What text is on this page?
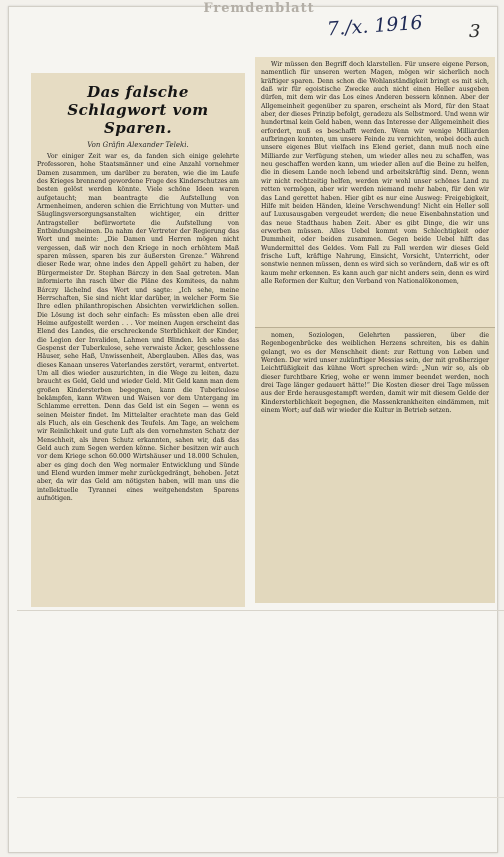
Fremdenblatt
7./x. 1916	3
Das falsche Schlagwort vom Sparen.
Von Gräfin Alexander Teleki.

Vor einiger Zeit war es, da fanden sich einige gelehrte Professoren, hohe Staatsmänner und eine Anzahl vornehmer Damen zusammen, um darüber zu beraten, wie die im Laufe des Krieges brennend gewordene Frage des Kinderschutzes am besten gelöst werden könnte. Viele schöne Ideen waren aufgetaucht; man beantragte die Aufstellung von Armenheimen, anderen schien die Errichtung von Mutter- und Säuglingsversorgungsanstalten wichtiger, ein dritter Antragsteller befürwortete die Aufstellung von Entbindungsheimen. Da nahm der Vertreter der Regierung das Wort und meinte: „Die Damen und Herren mögen nicht vergessen, daß wir noch den Kriege in noch erhöhtem Maß sparen müssen, sparen bis zur äußersten Grenze.“ Während dieser Rede war, ohne indes den Appell gehört zu haben, der Bürgermeister Dr. Stephan Bárczy in den Saal getreten. Man informierte ihn rasch über die Pläne des Komitees, da nahm Bárczy lächelnd das Wort und sagte: „Ich sehe, meine Herrschaften, Sie sind nicht klar darüber, in welcher Form Sie Ihre edlen philanthropischen Absichten verwirklichen sollen. Die Lösung ist doch sehr einfach: Es müssten eben alle drei Heime aufgestellt werden . . . Vor meinen Augen erscheint das Elend des Landes, die erschreckende Sterblichkeit der Kinder, die Legion der Invaliden, Lahmen und Blinden. Ich sehe das Gespenst der Tuberkulose, sehe verwaiste Äcker, geschlossene Häuser, sehe Haß, Unwissenheit, Aberglauben. Alles das, was dieses Kanaan unseres Vaterlandes zerstört, verarmt, entvertet. Um all dies wieder auszurichten, in die Wege zu leiten, dazu braucht es Geld, Geld und wieder Geld. Mit Geld kann man dem großen Kindersterben begegnen, kann die Tuberkulose bekämpfen, kann Witwen und Waisen vor dem Untergang im Schlamme erretten. Denn das Geld ist ein Segen — wenn es seinen Meister findet. Im Mittelalter erachtete man das Geld als Fluch, als ein Geschenk des Teufels. Am Tage, an welchem wir Reinlichkeit und gute Luft als den vornehmsten Schatz der Menschheit, als ihren Schutz erkannten, sahen wir, daß das Geld auch zum Segen werden könne. Sicher besitzen wir auch vor dem Kriege schon 60.000 Wirtshäuser und 18.000 Schulen, aber es ging doch den Weg normaler Entwicklung und Sünde und Elend wurden immer mehr zurückgedrängt, behoben. Jetzt aber, da wir das Geld am nötigsten haben, will man uns die intellektuelle Tyrannei eines weitgehendsten Sparens aufnötigen.

Wir müssen den Begriff doch klarstellen. Für unsere eigene Person, namentlich für unseren werten Magen, mögen wir sicherlich noch kräftiger sparen. Denn schon die Wohlanständigkeit bringt es mit sich, daß wir für egoistische Zwecke auch nicht einen Heller ausgeben dürfen, mit dem wir das Los eines Anderen bessern können. Aber der Allgemeinheit gegenüber zu sparen, erscheint als Mord, für den Staat aber, der dieses Prinzip befolgt, geradezu als Selbstmord. Und wenn wir hundertmal kein Geld haben, wenn das Interesse der Allgemeinheit dies erfordert, muß es beschafft werden. Wenn wir wenige Milliarden aufbringen konnten, um unsere Feinde zu vernichten, wobei doch auch unsere eigenes Blut vielfach ins Elend geriet, dann muß noch eine Milliarde zur Verfügung stehen, um wieder alles neu zu schaffen, was neu geschaffen werden kann, um wieder allen auf die Beine zu helfen, die in diesem Lande noch lebend und arbeitskräftig sind. Denn, wenn wir nicht rechtzeitig helfen, werden wir wohl unser schönes Land zu retten vermögen, aber wir werden niemand mehr haben, für den wir das Land gerettet haben. Hier gibt es nur eine Ausweg: Freigebigkeit, Hilfe mit beiden Händen, kleine Verschwendung! Nicht ein Heller soll auf Luxusausgaben vergeudet werden; die neue Eisenbahnstation und das neue Stadthaus haben Zeit. Aber es gibt Dinge, die wir uns erwerben müssen. Alles Uebel kommt vom Schlechtigkeit oder Dummheit, oder beiden zusammen. Gegen beide Uebel hilft das Wundermittel des Geldes. Vom Fall zu Fall werden wir dieses Geld frische Luft, kräftige Nahrung, Einsicht, Vorsicht, Unterricht, oder sonstwie nennen müssen, denn es wird sich so verändern, daß wir es oft kaum mehr erkennen. Es kann auch gar nicht anders sein, denn es wird alle Reformen der Kultur, den Verband von Nationalökonomen,

nomen, Soziologen, Gelehrten passieren, über die Regenbogenbrücke des weiblichen Herzens schreiten, bis es dahin gelangt, wo es der Menschheit dient: zur Rettung von Leben und Werden. Der wird unser zukünftiger Messias sein, der mit großherziger Leichtfüßigkeit das kühne Wort sprechen wird: „Nun wir so, als ob dieser furchtbare Krieg, wohe er wenn immer beendet werden, noch drei Tage länger gedauert hätte!“ Die Kosten dieser drei Tage müssen aus der Erde herausgestampft werden, damit wir mit diesem Gelde der Kindersterblichkeit begegnen, die Massenkrankheiten eindämmen, mit einem Wort; auf daß wir wieder die Kultur in Betrieb setzen.
